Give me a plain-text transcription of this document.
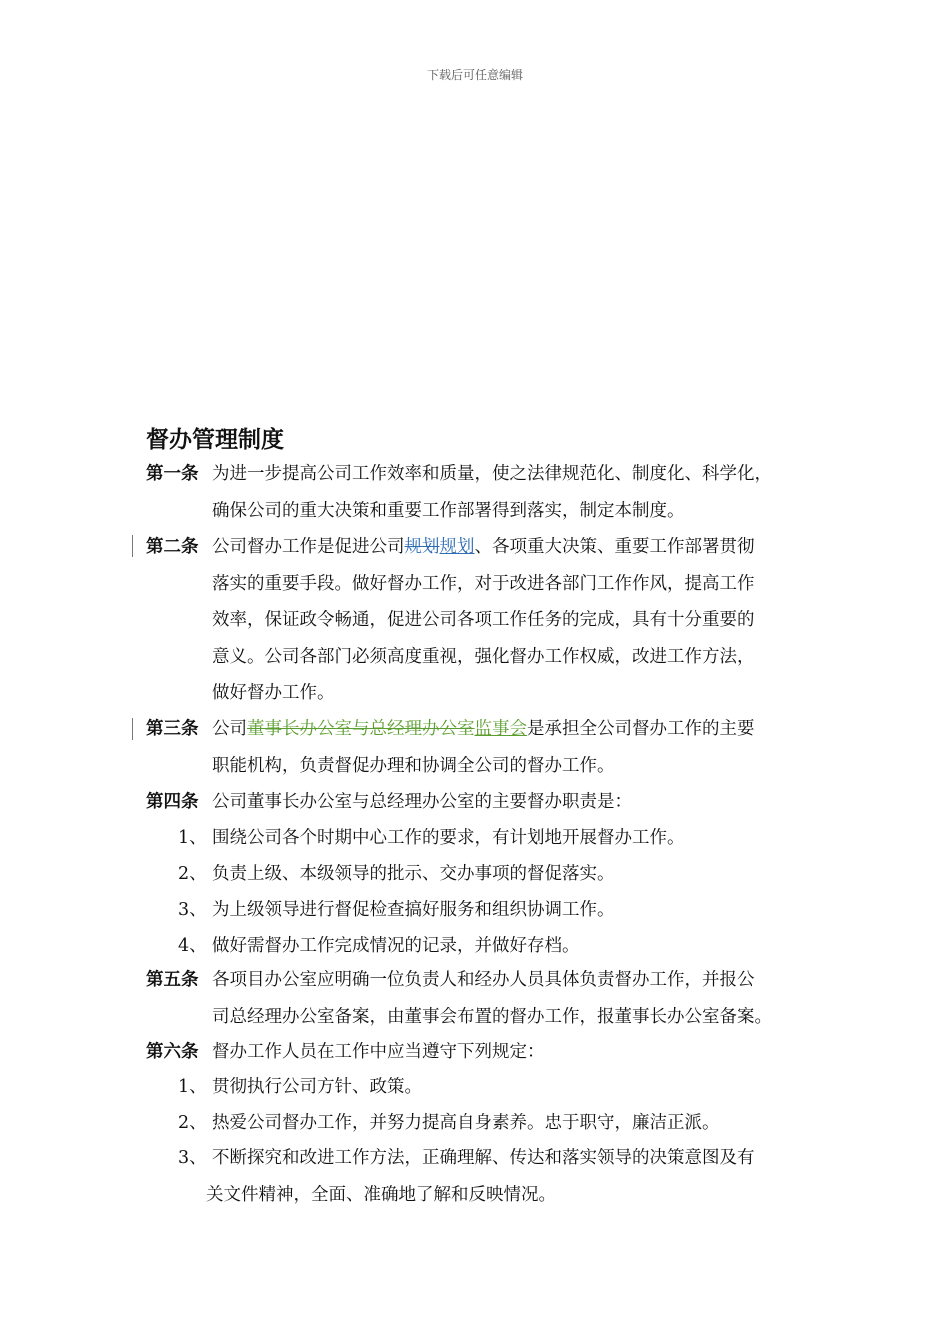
下载后可任意编辑
督办管理制度
第一条 为进一步提高公司工作效率和质量，使之法律规范化、制度化、科学化，
确保公司的重大决策和重要工作部署得到落实，制定本制度。
第二条 公司督办工作是促进公司规划规划、各项重大决策、重要工作部署贯彻
落实的重要手段。做好督办工作，对于改进各部门工作作风，提高工作
效率，保证政令畅通，促进公司各项工作任务的完成，具有十分重要的
意义。公司各部门必须高度重视，强化督办工作权威，改进工作方法，
做好督办工作。
第三条 公司董事长办公室与总经理办公室监事会是承担全公司督办工作的主要
职能机构，负责督促办理和协调全公司的督办工作。
第四条 公司董事长办公室与总经理办公室的主要督办职责是：
1、 围绕公司各个时期中心工作的要求，有计划地开展督办工作。
2、 负责上级、本级领导的批示、交办事项的督促落实。
3、 为上级领导进行督促检查搞好服务和组织协调工作。
4、 做好需督办工作完成情况的记录，并做好存档。
第五条 各项目办公室应明确一位负责人和经办人员具体负责督办工作，并报公
司总经理办公室备案，由董事会布置的督办工作，报董事长办公室备案。
第六条 督办工作人员在工作中应当遵守下列规定：
1、 贯彻执行公司方针、政策。
2、 热爱公司督办工作，并努力提高自身素养。忠于职守，廉洁正派。
3、 不断探究和改进工作方法，正确理解、传达和落实领导的决策意图及有
关文件精神，全面、准确地了解和反映情况。
